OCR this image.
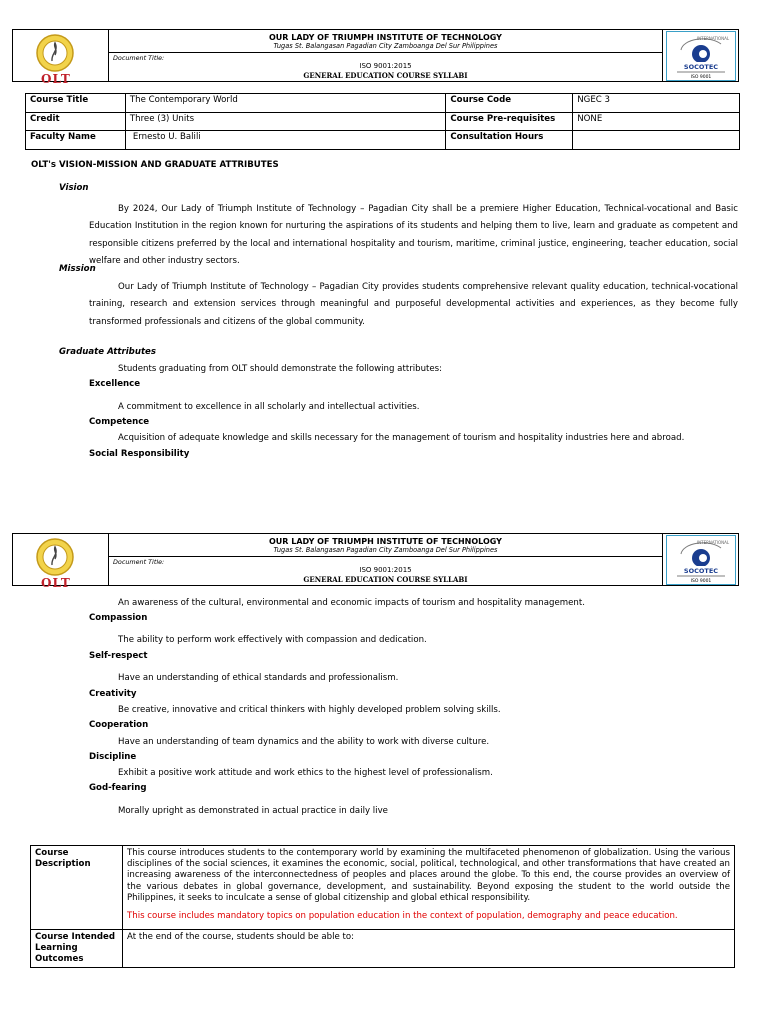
OLT
OUR LADY OF TRIUMPH INSTITUTE OF TECHNOLOGY
Tugas St. Balangasan Pagadian City Zamboanga Del Sur Philippines
Document Title:
ISO 9001:2015
GENERAL EDUCATION COURSE SYLLABI
INTERNATIONAL
SOCOTEC
ISO 9001
Course Title	The Contemporary World	Course Code	NGEC 3
Credit	Three (3) Units	Course Pre-requisites	NONE
Faculty Name	Ernesto U. Balili	Consultation Hours	
OLT's VISION-MISSION AND GRADUATE ATTRIBUTES
Vision
By 2024, Our Lady of Triumph Institute of Technology – Pagadian City shall be a premiere Higher Education, Technical-vocational and Basic Education Institution in the region known for nurturing the aspirations of its students and helping them to live, learn and graduate as competent and responsible citizens preferred by the local and international hospitality and tourism, maritime, criminal justice, engineering, teacher education, social welfare and other industry sectors.
Mission
Our Lady of Triumph Institute of Technology – Pagadian City provides students comprehensive relevant quality education, technical-vocational training, research and extension services through meaningful and purposeful developmental activities and experiences, as they become fully transformed professionals and citizens of the global community.
Graduate Attributes
Students graduating from OLT should demonstrate the following attributes:
Excellence
A commitment to excellence in all scholarly and intellectual activities.
Competence
Acquisition of adequate knowledge and skills necessary for the management of tourism and hospitality industries here and abroad.
Social Responsibility
OLT
OUR LADY OF TRIUMPH INSTITUTE OF TECHNOLOGY
Tugas St. Balangasan Pagadian City Zamboanga Del Sur Philippines
Document Title:
ISO 9001:2015
GENERAL EDUCATION COURSE SYLLABI
INTERNATIONAL
SOCOTEC
ISO 9001
An awareness of the cultural, environmental and economic impacts of tourism and hospitality management.
Compassion
The ability to perform work effectively with compassion and dedication.
Self-respect
Have an understanding of ethical standards and professionalism.
Creativity
Be creative, innovative and critical thinkers with highly developed problem solving skills.
Cooperation
Have an understanding of team dynamics and the ability to work with diverse culture.
Discipline
Exhibit a positive work attitude and work ethics to the highest level of professionalism.
God-fearing
Morally upright as demonstrated in actual practice in daily live
Course Description	This course introduces students to the contemporary world by examining the multifaceted phenomenon of globalization. Using the various disciplines of the social sciences, it examines the economic, social, political, technological, and other transformations that have created an increasing awareness of the interconnectedness of peoples and places around the globe. To this end, the course provides an overview of the various debates in global governance, development, and sustainability. Beyond exposing the student to the world outside the Philippines, it seeks to inculcate a sense of global citizenship and global ethical responsibility.
This course includes mandatory topics on population education in the context of population, demography and peace education.

Course Intended Learning Outcomes	At the end of the course, students should be able to:
